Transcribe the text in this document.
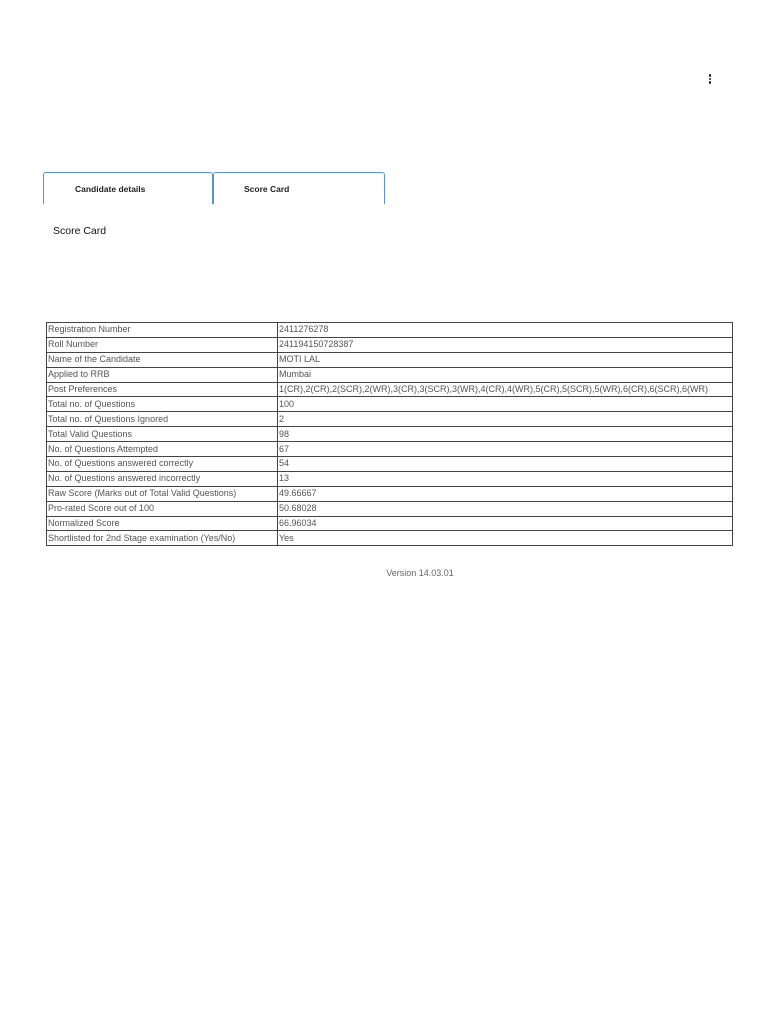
Candidate details	Score Card
Score Card
Registration Number	2411276278
Roll Number	241194150728387
Name of the Candidate	MOTI LAL
Applied to RRB	Mumbai
Post Preferences	1(CR),2(CR),2(SCR),2(WR),3(CR),3(SCR),3(WR),4(CR),4(WR),5(CR),5(SCR),5(WR),6(CR),6(SCR),6(WR)
Total no. of Questions	100
Total no. of Questions Ignored	2
Total Valid Questions	98
No. of Questions Attempted	67
No. of Questions answered correctly	54
No. of Questions answered incorrectly	13
Raw Score (Marks out of Total Valid Questions)	49.66667
Pro-rated Score out of 100	50.68028
Normalized Score	66.96034
Shortlisted for 2nd Stage examination (Yes/No)	Yes
Version 14.03.01
